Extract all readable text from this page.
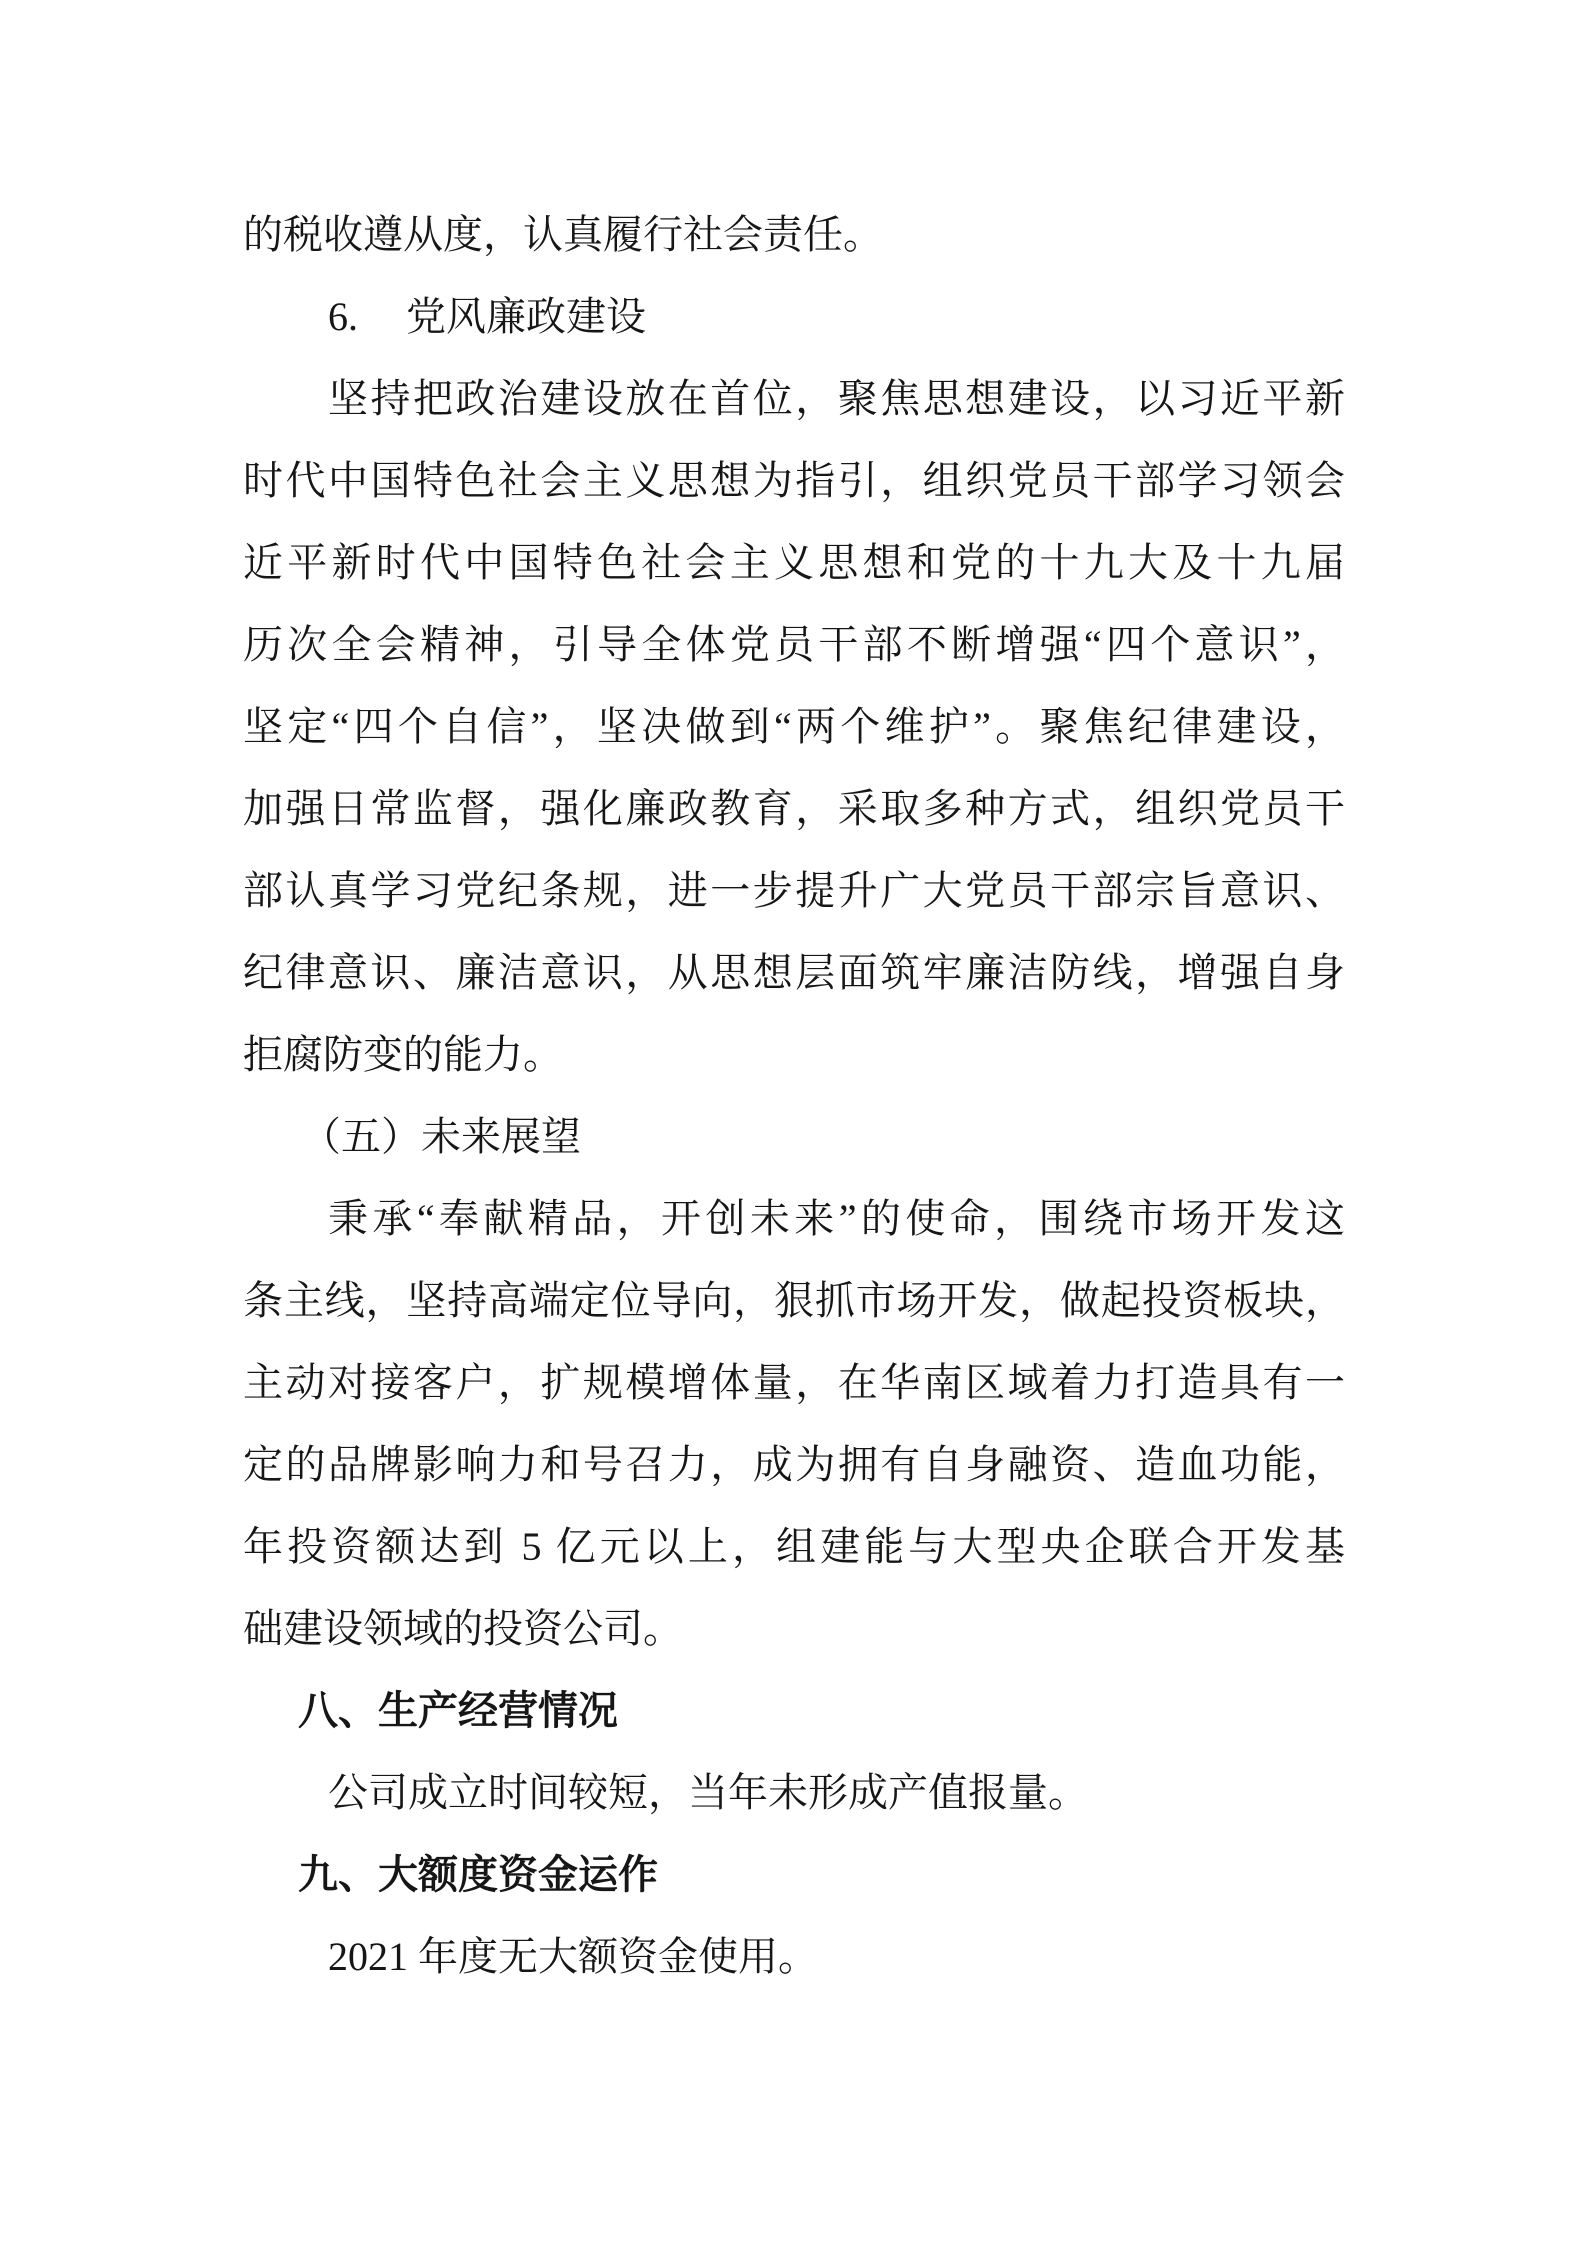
的税收遵从度，认真履行社会责任。
6. 党风廉政建设
坚持把政治建设放在首位，聚焦思想建设，以习近平新
时代中国特色社会主义思想为指引，组织党员干部学习领会
近平新时代中国特色社会主义思想和党的十九大及十九届
历次全会精神，引导全体党员干部不断增强“四个意识”，
坚定“四个自信”，坚决做到“两个维护”。聚焦纪律建设，
加强日常监督，强化廉政教育，采取多种方式，组织党员干
部认真学习党纪条规，进一步提升广大党员干部宗旨意识、
纪律意识、廉洁意识，从思想层面筑牢廉洁防线，增强自身
拒腐防变的能力。
（五）未来展望
秉承“奉献精品，开创未来”的使命，围绕市场开发这
条主线，坚持高端定位导向，狠抓市场开发，做起投资板块，
主动对接客户，扩规模增体量，在华南区域着力打造具有一
定的品牌影响力和号召力，成为拥有自身融资、造血功能，
年投资额达到 5 亿元以上，组建能与大型央企联合开发基
础建设领域的投资公司。
八、生产经营情况
公司成立时间较短，当年未形成产值报量。
九、大额度资金运作
2021 年度无大额资金使用。
